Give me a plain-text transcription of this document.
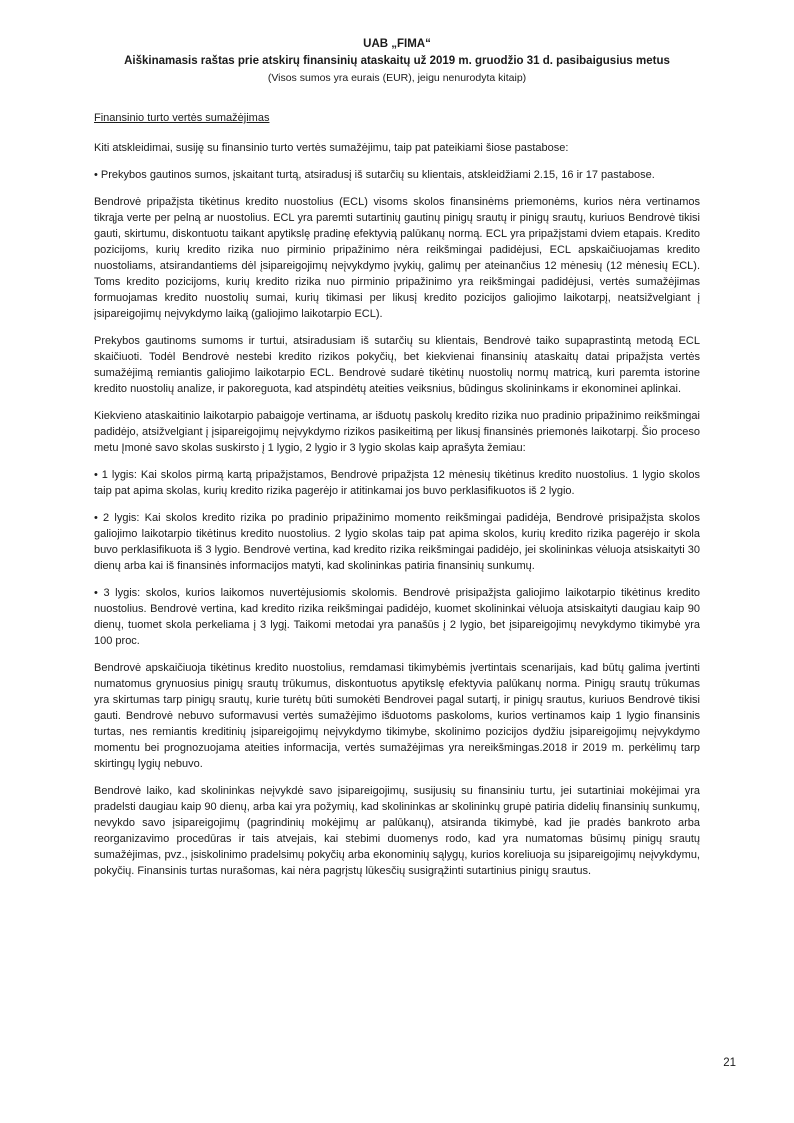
UAB „FIMA“
Aiškinamasis raštas prie atskirų finansinių ataskaitų už 2019 m. gruodžio 31 d. pasibaigusius metus
(Visos sumos yra eurais (EUR), jeigu nenurodyta kitaip)
Finansinio turto vertės sumažėjimas

Kiti atskleidimai, susiję su finansinio turto vertės sumažėjimu, taip pat pateikiami šiose pastabose:

• Prekybos gautinos sumos, įskaitant turtą, atsiradusį iš sutarčių su klientais, atskleidžiami 2.15, 16 ir 17 pastabose.

Bendrovė pripažįsta tikėtinus kredito nuostolius (ECL) visoms skolos finansinėms priemonėms, kurios nėra vertinamos tikrąja verte per pelną ar nuostolius. ECL yra paremti sutartinių gautinų pinigų srautų ir pinigų srautų, kuriuos Bendrovė tikisi gauti, skirtumu, diskontuotu taikant apytikslę pradinę efektyvią palūkanų normą. ECL yra pripažįstami dviem etapais. Kredito pozicijoms, kurių kredito rizika nuo pirminio pripažinimo nėra reikšmingai padidėjusi, ECL apskaičiuojamas kredito nuostoliams, atsirandantiems dėl įsipareigojimų neįvykdymo įvykių, galimų per ateinančius 12 mėnesių (12 mėnesių ECL). Toms kredito pozicijoms, kurių kredito rizika nuo pirminio pripažinimo yra reikšmingai padidėjusi, vertės sumažėjimas formuojamas kredito nuostolių sumai, kurių tikimasi per likusį kredito pozicijos galiojimo laikotarpį, neatsižvelgiant į įsipareigojimų neįvykdymo laiką (galiojimo laikotarpio ECL).

Prekybos gautinoms sumoms ir turtui, atsiradusiam iš sutarčių su klientais, Bendrovė taiko supaprastintą metodą ECL skaičiuoti. Todėl Bendrovė nestebi kredito rizikos pokyčių, bet kiekvienai finansinių ataskaitų datai pripažįsta vertės sumažėjimą remiantis galiojimo laikotarpio ECL. Bendrovė sudarė tikėtinų nuostolių normų matricą, kuri paremta istorine kredito nuostolių analize, ir pakoreguota, kad atspindėtų ateities veiksnius, būdingus skolininkams ir ekonominei aplinkai.

Kiekvieno ataskaitinio laikotarpio pabaigoje vertinama, ar išduotų paskolų kredito rizika nuo pradinio pripažinimo reikšmingai padidėjo, atsižvelgiant į įsipareigojimų neįvykdymo rizikos pasikeitimą per likusį finansinės priemonės laikotarpį. Šio proceso metu Įmonė savo skolas suskirsto į 1 lygio, 2 lygio ir 3 lygio skolas kaip aprašyta žemiau:

• 1 lygis: Kai skolos pirmą kartą pripažįstamos, Bendrovė pripažįsta 12 mėnesių tikėtinus kredito nuostolius. 1 lygio skolos taip pat apima skolas, kurių kredito rizika pagerėjo ir atitinkamai jos buvo perklasifikuotos iš 2 lygio.

• 2 lygis: Kai skolos kredito rizika po pradinio pripažinimo momento reikšmingai padidėja, Bendrovė prisipažįsta skolos galiojimo laikotarpio tikėtinus kredito nuostolius. 2 lygio skolas taip pat apima skolos, kurių kredito rizika pagerėjo ir skola buvo perklasifikuota iš 3 lygio. Bendrovė vertina, kad kredito rizika reikšmingai padidėjo, jei skolininkas vėluoja atsiskaityti 30 dienų arba kai iš finansinės informacijos matyti, kad skolininkas patiria finansinių sunkumų.

• 3 lygis: skolos, kurios laikomos nuvertėjusiomis skolomis. Bendrovė prisipažįsta galiojimo laikotarpio tikėtinus kredito nuostolius. Bendrovė vertina, kad kredito rizika reikšmingai padidėjo, kuomet skolininkai vėluoja atsiskaityti daugiau kaip 90 dienų, tuomet skola perkeliama į 3 lygį. Taikomi metodai yra panašūs į 2 lygio, bet įsipareigojimų nevykdymo tikimybė yra 100 proc.

Bendrovė apskaičiuoja tikėtinus kredito nuostolius, remdamasi tikimybėmis įvertintais scenarijais, kad būtų galima įvertinti numatomus grynuosius pinigų srautų trūkumus, diskontuotus apytikslę efektyvia palūkanų norma. Pinigų srautų trūkumas yra skirtumas tarp pinigų srautų, kurie turėtų būti sumokėti Bendrovei pagal sutartį, ir pinigų srautus, kuriuos Bendrovė tikisi gauti. Bendrovė nebuvo suformavusi vertės sumažėjimo išduotoms paskoloms, kurios vertinamos kaip 1 lygio finansinis turtas, nes remiantis kreditinių įsipareigojimų neįvykdymo tikimybe, skolinimo pozicijos dydžiu įsipareigojimų neįvykdymo momentu bei prognozuojama ateities informacija, vertės sumažėjimas yra nereikšmingas.2018 ir 2019 m. perkėlimų tarp skirtingų lygių nebuvo.

Bendrovė laiko, kad skolininkas neįvykdė savo įsipareigojimų, susijusių su finansiniu turtu, jei sutartiniai mokėjimai yra pradelsti daugiau kaip 90 dienų, arba kai yra požymių, kad skolininkas ar skolininkų grupė patiria didelių finansinių sunkumų, nevykdo savo įsipareigojimų (pagrindinių mokėjimų ar palūkanų), atsiranda tikimybė, kad jie pradės bankroto arba reorganizavimo procedūras ir tais atvejais, kai stebimi duomenys rodo, kad yra numatomas būsimų pinigų srautų sumažėjimas, pvz., įsiskolinimo pradelsimų pokyčių arba ekonominių sąlygų, kurios koreliuoja su įsipareigojimų neįvykdymu, pokyčių. Finansinis turtas nurašomas, kai nėra pagrįstų lūkesčių susigrąžinti sutartinius pinigų srautus.

21
